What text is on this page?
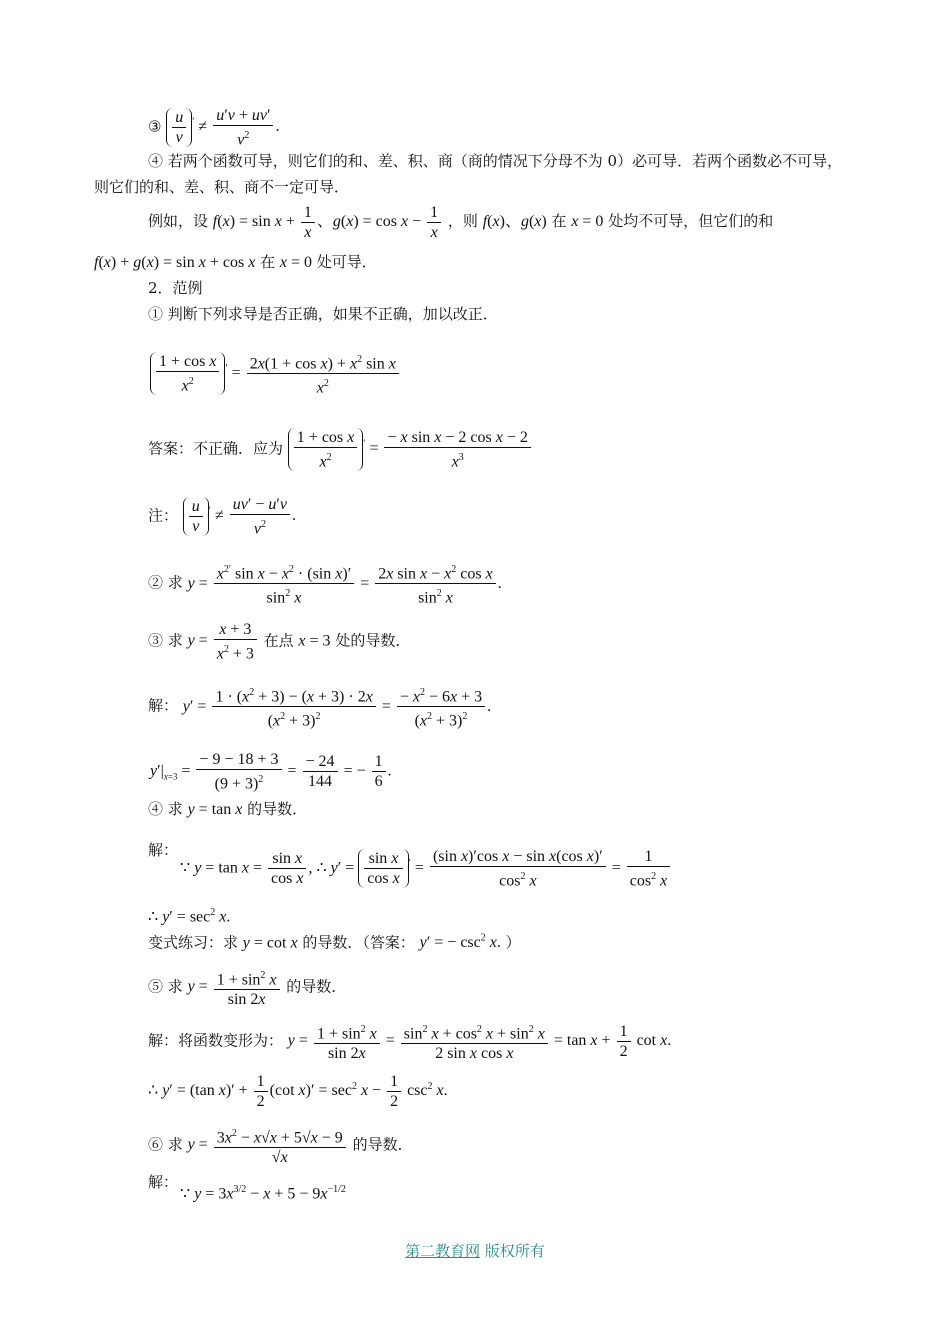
③ $\frac{u}{v} ' \ne \frac{u'v + uv'}{v^2}$ .
④ 若两个函数可导，则它们的和、差、积、商（商的情况下分母不为 0）必可导．若两个函数必不可导，
则它们的和、差、积、商不一定可导．
例如，设 $f(x) = \sin x + \frac{1}{x}$ 、$g(x) = \cos x - \frac{1}{x}$ ，则 f(x)、g(x) 在 x = 0 处均不可导，但它们的和
f(x) + g(x) = sin x + cos x 在 x = 0 处可导．
2．范例
① 判断下列求导是否正确，如果不正确，加以改正．
$\frac{\text{1 + cos x}}{x^2} ' = \frac{2x(1 + \cos x) + x^2 \sin x}{x^2}$
答案：不正确．应为 $\frac{\text{1 + cos x}}{x^2} ' = \frac{\text{− x sin x − 2 cos x − 2}}{x^3}$
注： $\frac{u}{v} ' \ne \frac{uv' - u'v}{v^2}$ .
② 求 $y = \frac{x^{2'} \sin x - x^2 \cdot (\sin x)'}{\sin^2 x} = \frac{2x \sin x - x^2 \cos x}{\sin^2 x}$ .
③ 求 $y = \frac{x + 3}{x^2 + 3}$ 在点 x = 3 处的导数．
解： $y' = \frac{1 \cdot (x^2 + 3) - (x + 3) \cdot 2x}{(x^2 + 3)^2} = \frac{- x^2 - 6x + 3}{(x^2 + 3)^2}$ .
$y'|_{x=3} = \frac{- 9 - 18 + 3}{(9 + 3)^2} = \frac{- 24}{144}$ = − $\frac{1}{6}$ .
④ 求 y = tan x 的导数．
解：
∵ $y = \tan x = \frac{\text{sin x}}{\text{cos x}}$ , ∴ $y' = \frac{\text{sin x}}{\text{cos x}} ' = \frac{\text{(sin x)′cos x − sin x(cos x)′}}{\cos^2 x} = \frac{1}{\cos^2 x}$
∴ $y' = \sec^2 x$.
变式练习：求 y = cot x 的导数．（答案： y′ = − $\csc^2 x$. ）
⑤ 求 $y = \frac{1 + \sin^2 x}{\sin 2x}$ 的导数．
解：将函数变形为： $y = \frac{1 + \sin^2 x}{\sin 2x} = \frac{\sin^2 x + \cos^2 x + \sin^2 x}{\text{2 sin x cos x}} = \tan x + \frac{1}{2}$ cot x.
∴ y′ = (tan $x)' + \frac{1}{2} (\cot$ $x)' = \sec^2 x - \frac{1}{2} \csc^2 x$.
⑥ 求 $y = \frac{3x^2 - x√x + 5√x - 9}{√x}$ 的导数．
解：
∵ $y = 3x^{3/2} - x + 5 - 9x^{-1/2}$
第二教育网 版权所有
